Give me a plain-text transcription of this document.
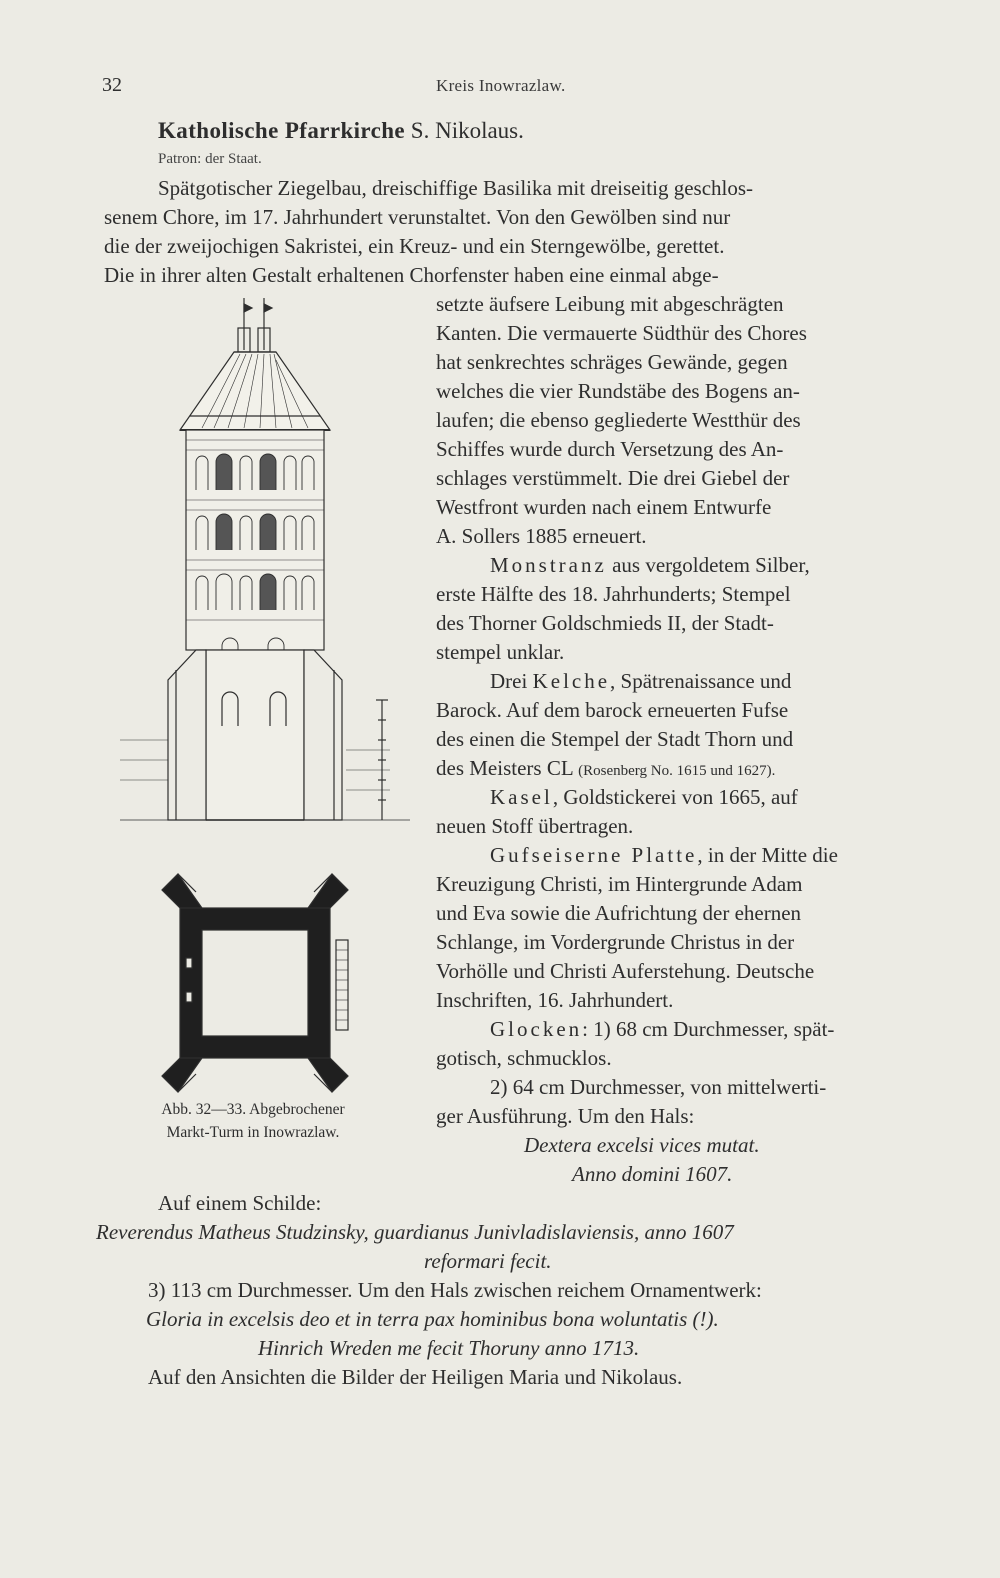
32	Kreis Inowrazlaw.
Katholische Pfarrkirche S. Nikolaus.
Patron: der Staat.
Spätgotischer Ziegelbau, dreischiffige Basilika mit dreiseitig geschlos-
senem Chore, im 17. Jahrhundert verunstaltet. Von den Gewölben sind nur
die der zweijochigen Sakristei, ein Kreuz- und ein Sterngewölbe, gerettet.
Die in ihrer alten Gestalt erhaltenen Chorfenster haben eine einmal abge-
setzte äufsere Leibung mit abgeschrägten
Kanten. Die vermauerte Südthür des Chores
hat senkrechtes schräges Gewände, gegen
welches die vier Rundstäbe des Bogens an-
laufen; die ebenso gegliederte Westthür des
Schiffes wurde durch Versetzung des An-
schlages verstümmelt. Die drei Giebel der
Westfront wurden nach einem Entwurfe
A. Sollers 1885 erneuert.
Monstranz aus vergoldetem Silber,
erste Hälfte des 18. Jahrhunderts; Stempel
des Thorner Goldschmieds II, der Stadt-
stempel unklar.
Drei Kelche, Spätrenaissance und
Barock. Auf dem barock erneuerten Fufse
des einen die Stempel der Stadt Thorn und
des Meisters CL (Rosenberg No. 1615 und 1627).
Kasel, Goldstickerei von 1665, auf
neuen Stoff übertragen.
Gufseiserne Platte, in der Mitte die
Kreuzigung Christi, im Hintergrunde Adam
und Eva sowie die Aufrichtung der ehernen
Schlange, im Vordergrunde Christus in der
Vorhölle und Christi Auferstehung. Deutsche
Inschriften, 16. Jahrhundert.
Glocken: 1) 68 cm Durchmesser, spät-
gotisch, schmucklos.
2) 64 cm Durchmesser, von mittelwerti-
ger Ausführung. Um den Hals:
Dextera excelsi vices mutat.
Anno domini 1607.
Auf einem Schilde:
Reverendus Matheus Studzinsky, guardianus Junivladislaviensis, anno 1607
reformari fecit.
3) 113 cm Durchmesser. Um den Hals zwischen reichem Ornamentwerk:
Gloria in excelsis deo et in terra pax hominibus bona woluntatis (!).
Hinrich Wreden me fecit Thoruny anno 1713.
Auf den Ansichten die Bilder der Heiligen Maria und Nikolaus.
Abb. 32—33. Abgebrochener
Markt-Turm in Inowrazlaw.
